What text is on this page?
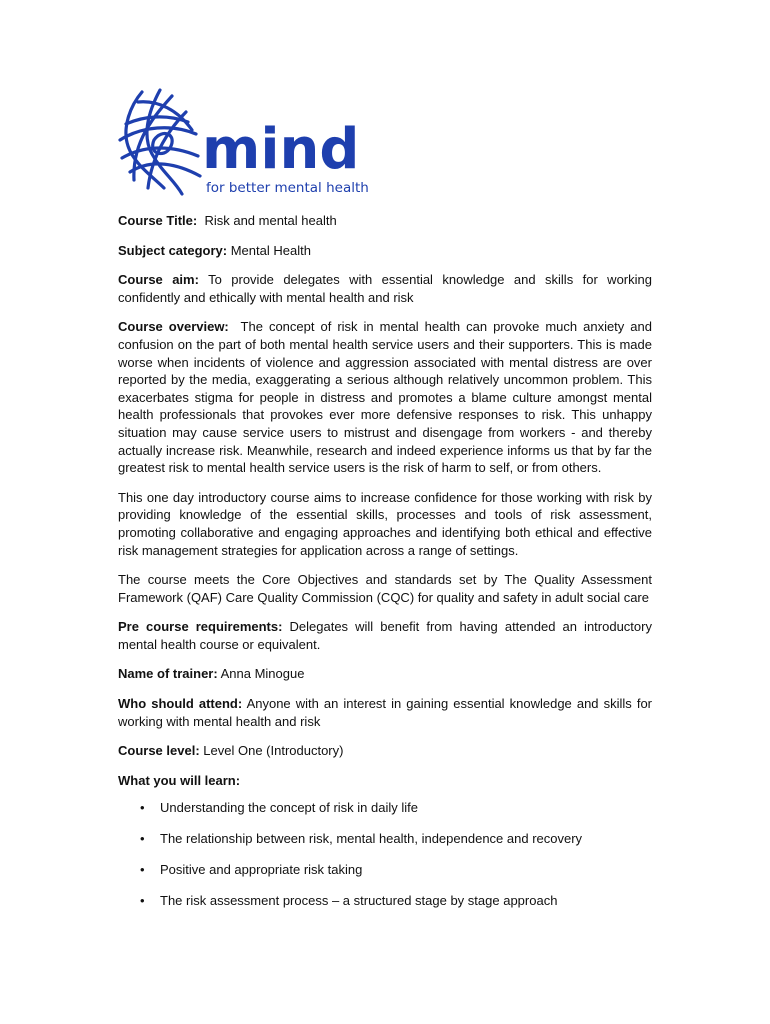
mind
for better mental health

Course Title: Risk and mental health

Subject category: Mental Health

Course aim: To provide delegates with essential knowledge and skills for working confidently and ethically with mental health and risk

Course overview: The concept of risk in mental health can provoke much anxiety and confusion on the part of both mental health service users and their supporters. This is made worse when incidents of violence and aggression associated with mental distress are over reported by the media, exaggerating a serious although relatively uncommon problem. This exacerbates stigma for people in distress and promotes a blame culture amongst mental health professionals that provokes ever more defensive responses to risk. This unhappy situation may cause service users to mistrust and disengage from workers - and thereby actually increase risk. Meanwhile, research and indeed experience informs us that by far the greatest risk to mental health service users is the risk of harm to self, or from others.

This one day introductory course aims to increase confidence for those working with risk by providing knowledge of the essential skills, processes and tools of risk assessment, promoting collaborative and engaging approaches and identifying both ethical and effective risk management strategies for application across a range of settings.

The course meets the Core Objectives and standards set by The Quality Assessment Framework (QAF) Care Quality Commission (CQC) for quality and safety in adult social care

Pre course requirements: Delegates will benefit from having attended an introductory mental health course or equivalent.

Name of trainer: Anna Minogue

Who should attend: Anyone with an interest in gaining essential knowledge and skills for working with mental health and risk

Course level: Level One (Introductory)

What you will learn:

• Understanding the concept of risk in daily life
• The relationship between risk, mental health, independence and recovery
• Positive and appropriate risk taking
• The risk assessment process – a structured stage by stage approach
